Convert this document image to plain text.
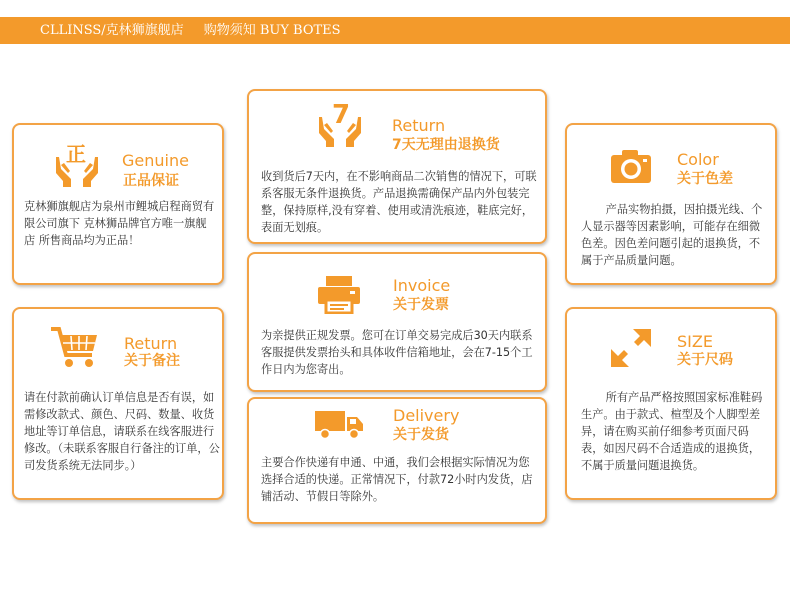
CLLINSS/克林狮旗舰店 购物须知 BUY BOTES
正 Genuine
正品保证
克林狮旗舰店为泉州市鲤城启程商贸有限公司旗下 克林狮品牌官方唯一旗舰店 所售商品均为正品！
7	Return
7天无理由退换货
收到货后7天内，在不影响商品二次销售的情况下，可联系客服无条件退换货。产品退换需确保产品内外包装完整，保持原样,没有穿着、使用或清洗痕迹，鞋底完好，表面无划痕。
Color
关于色差
产品实物拍摄，因拍摄光线、个人显示器等因素影响，可能存在细微色差。因色差问题引起的退换货，不属于产品质量问题。
Return
关于备注
请在付款前确认订单信息是否有误，如需修改款式、颜色、尺码、数量、收货地址等订单信息，请联系在线客服进行修改。（未联系客服自行备注的订单，公司发货系统无法同步。）
Invoice
关于发票
为亲提供正规发票。您可在订单交易完成后30天内联系客服提供发票抬头和具体收件信箱地址，会在7-15个工作日内为您寄出。
SIZE
关于尺码
所有产品严格按照国家标准鞋码生产。由于款式、楦型及个人脚型差异，请在购买前仔细参考页面尺码表，如因尺码不合适造成的退换货，不属于质量问题退换货。
Delivery
关于发货
主要合作快递有申通、中通，我们会根据实际情况为您选择合适的快递。正常情况下，付款72小时内发货，店铺活动、节假日等除外。
